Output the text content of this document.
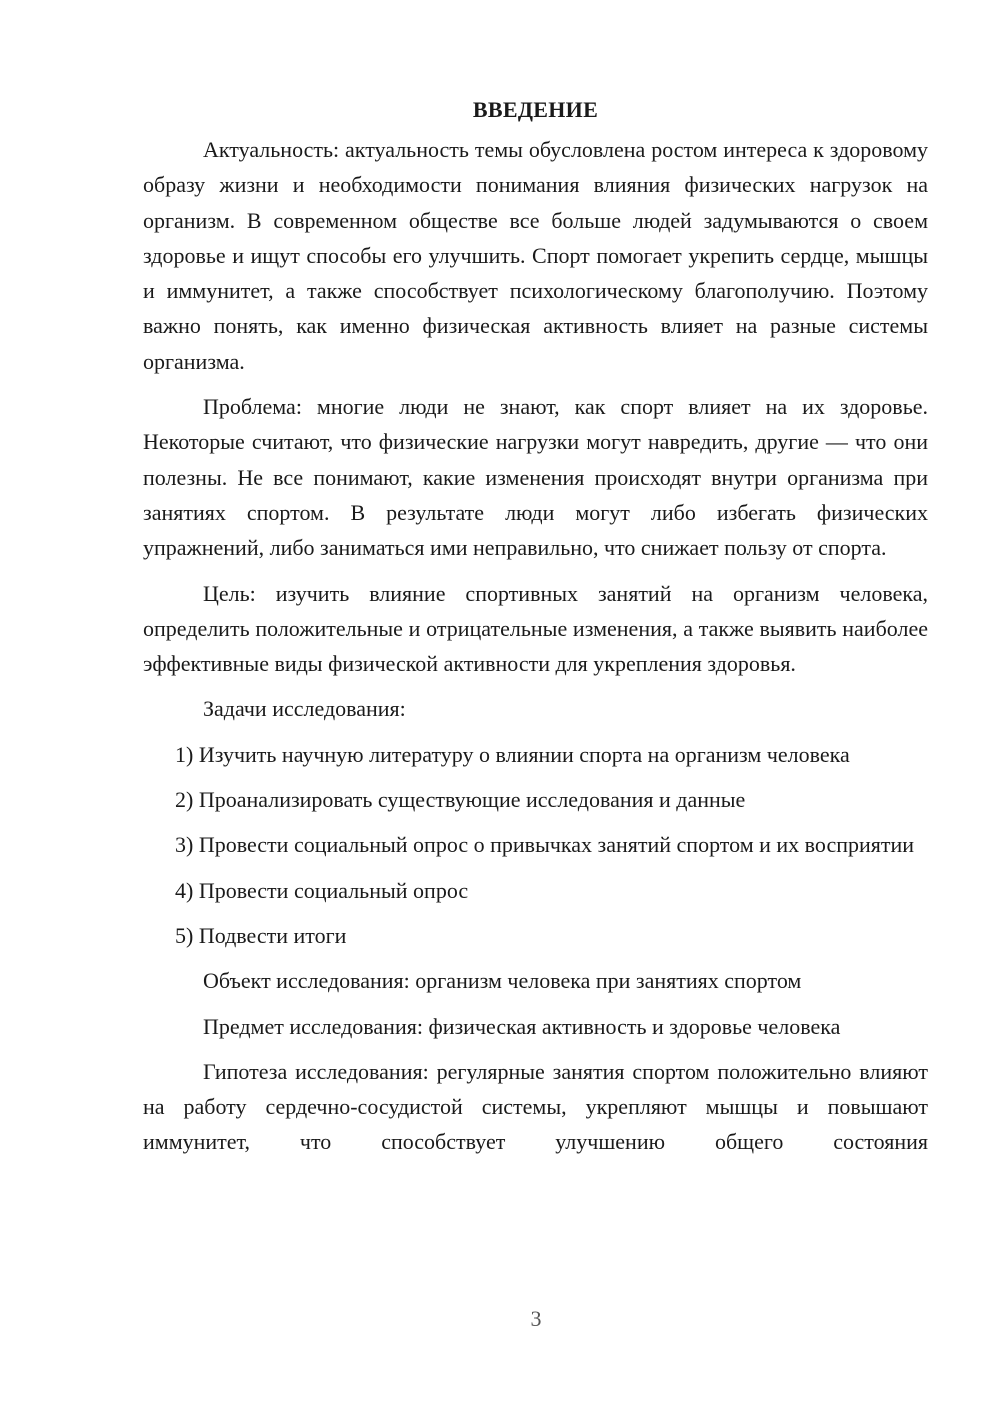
ВВЕДЕНИЕ

Актуальность: актуальность темы обусловлена ростом интереса к здоровому образу жизни и необходимости понимания влияния физических нагрузок на организм. В современном обществе все больше людей задумываются о своем здоровье и ищут способы его улучшить. Спорт помогает укрепить сердце, мышцы и иммунитет, а также способствует психологическому благополучию. Поэтому важно понять, как именно физическая активность влияет на разные системы организма.

Проблема: многие люди не знают, как спорт влияет на их здоровье. Некоторые считают, что физические нагрузки могут навредить, другие — что они полезны. Не все понимают, какие изменения происходят внутри организма при занятиях спортом. В результате люди могут либо избегать физических упражнений, либо заниматься ими неправильно, что снижает пользу от спорта.

Цель: изучить влияние спортивных занятий на организм человека, определить положительные и отрицательные изменения, а также выявить наиболее эффективные виды физической активности для укрепления здоровья.

Задачи исследования:

1) Изучить научную литературу о влиянии спорта на организм человека

2) Проанализировать существующие исследования и данные

3) Провести социальный опрос о привычках занятий спортом и их восприятии

4) Провести социальный опрос

5) Подвести итоги

Объект исследования: организм человека при занятиях спортом

Предмет исследования: физическая активность и здоровье человека

Гипотеза исследования: регулярные занятия спортом положительно влияют на работу сердечно-сосудистой системы, укрепляют мышцы и повышают иммунитет, что способствует улучшению общего состояния

3
